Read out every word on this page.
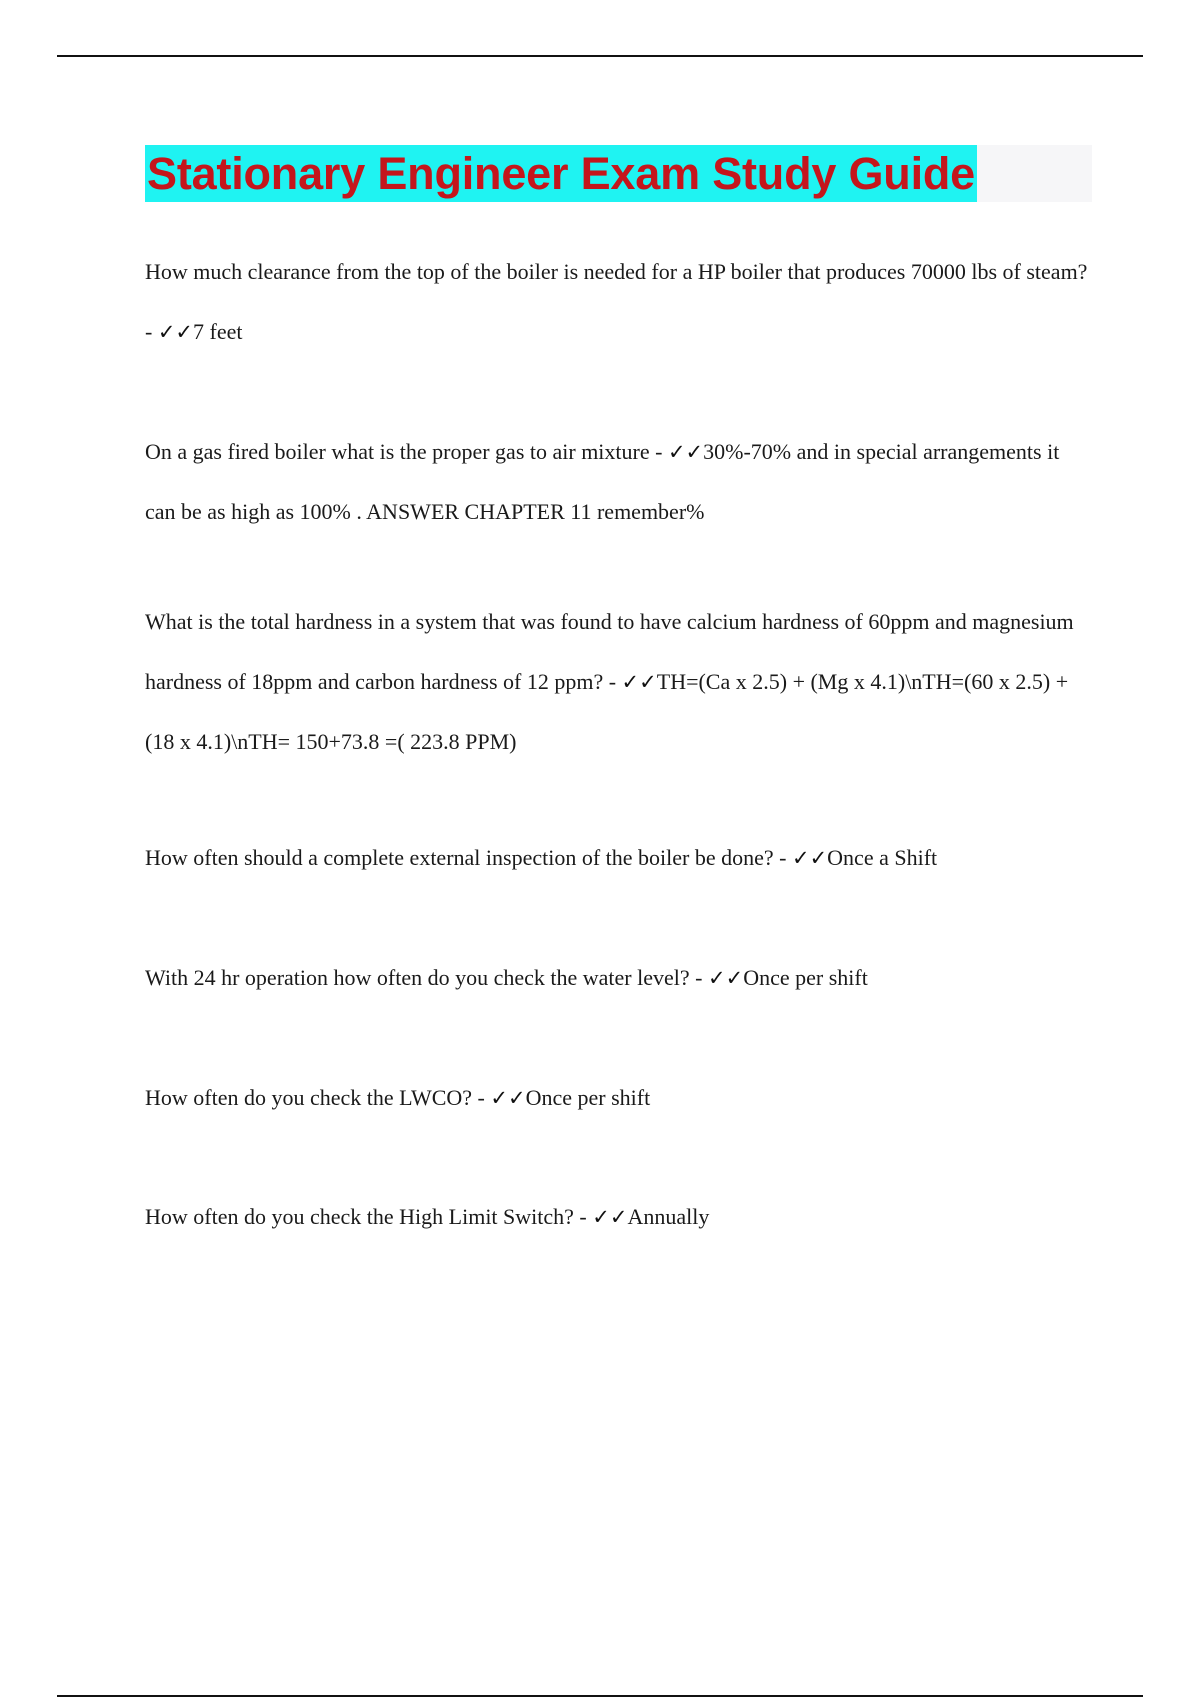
Stationary Engineer Exam Study Guide

How much clearance from the top of the boiler is needed for a HP boiler that produces 70000 lbs of steam? - ✓✓7 feet

On a gas fired boiler what is the proper gas to air mixture - ✓✓30%-70% and in special arrangements it can be as high as 100% . ANSWER CHAPTER 11 remember%

What is the total hardness in a system that was found to have calcium hardness of 60ppm and magnesium hardness of 18ppm and carbon hardness of 12 ppm? - ✓✓TH=(Ca x 2.5) + (Mg x 4.1)\nTH=(60 x 2.5) + (18 x 4.1)\nTH= 150+73.8 =( 223.8 PPM)

How often should a complete external inspection of the boiler be done? - ✓✓Once a Shift

With 24 hr operation how often do you check the water level? - ✓✓Once per shift

How often do you check the LWCO? - ✓✓Once per shift

How often do you check the High Limit Switch? - ✓✓Annually
